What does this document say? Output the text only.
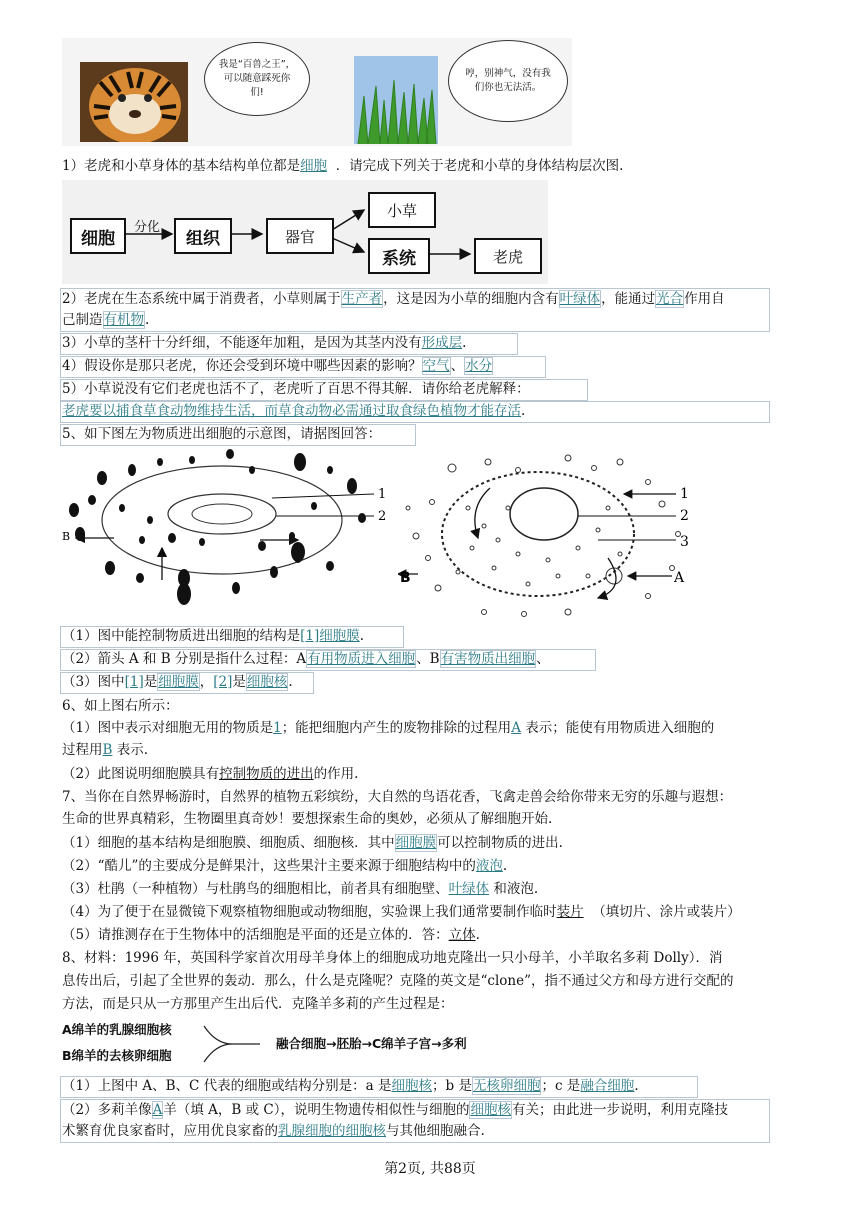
我是“百兽之王”，可以随意踩死你们!
哼，别神气，没有我们你也无法活。
1）老虎和小草身体的基本结构单位都是细胞 ．请完成下列关于老虎和小草的身体结构层次图.
细胞
分化
组织	器官
小草
系统	老虎
2）老虎在生态系统中属于消费者，小草则属于生产者，这是因为小草的细胞内含有叶绿体，能通过光合作用自
己制造有机物.
3）小草的茎杆十分纤细，不能逐年加粗，是因为其茎内没有形成层.
4）假设你是那只老虎，你还会受到环境中哪些因素的影响？空气、水分
5）小草说没有它们老虎也活不了，老虎听了百思不得其解．请你给老虎解释：
老虎要以捕食草食动物维持生活，而草食动物必需通过取食绿色植物才能存活.
5、如下图左为物质进出细胞的示意图，请据图回答：
1
2
A
B
1
2
3
A
B
（1）图中能控制物质进出细胞的结构是[1]细胞膜.
（2）箭头 A 和 B 分别是指什么过程：A有用物质进入细胞、B有害物质出细胞、
（3）图中[1]是细胞膜，[2]是细胞核.
6、如上图右所示：
（1）图中表示对细胞无用的物质是1；能把细胞内产生的废物排除的过程用A 表示；能使有用物质进入细胞的
过程用B 表示.
（2）此图说明细胞膜具有控制物质的进出的作用.
7、当你在自然界畅游时，自然界的植物五彩缤纷，大自然的鸟语花香，飞禽走兽会给你带来无穷的乐趣与遐想：
生命的世界真精彩，生物圈里真奇妙！要想探索生命的奥妙，必须从了解细胞开始.
（1）细胞的基本结构是细胞膜、细胞质、细胞核．其中细胞膜可以控制物质的进出.
（2）“酷儿”的主要成分是鲜果汁，这些果汁主要来源于细胞结构中的液泡.
（3）杜鹃（一种植物）与杜鹃鸟的细胞相比，前者具有细胞壁、叶绿体 和液泡.
（4）为了便于在显微镜下观察植物细胞或动物细胞，实验课上我们通常要制作临时装片 （填切片、涂片或装片）
（5）请推测存在于生物体中的活细胞是平面的还是立体的．答：立体.
8、材料：1996 年，英国科学家首次用母羊身体上的细胞成功地克隆出一只小母羊，小羊取名多莉 Dolly）．消
息传出后，引起了全世界的轰动．那么，什么是克隆呢？克隆的英文是“clone”，指不通过父方和母方进行交配的
方法，而是只从一方那里产生出后代．克隆羊多莉的产生过程是：
A绵羊的乳腺细胞核
B绵羊的去核卵细胞
融合细胞→胚胎→C绵羊子宫→多利
（1）上图中 A、B、C 代表的细胞或结构分别是：a 是细胞核；b 是无核卵细胞；c 是融合细胞.
（2）多莉羊像A羊（填 A，B 或 C），说明生物遗传相似性与细胞的细胞核有关；由此进一步说明，利用克隆技
术繁育优良家畜时，应用优良家畜的乳腺细胞的细胞核与其他细胞融合.
第2页, 共88页
